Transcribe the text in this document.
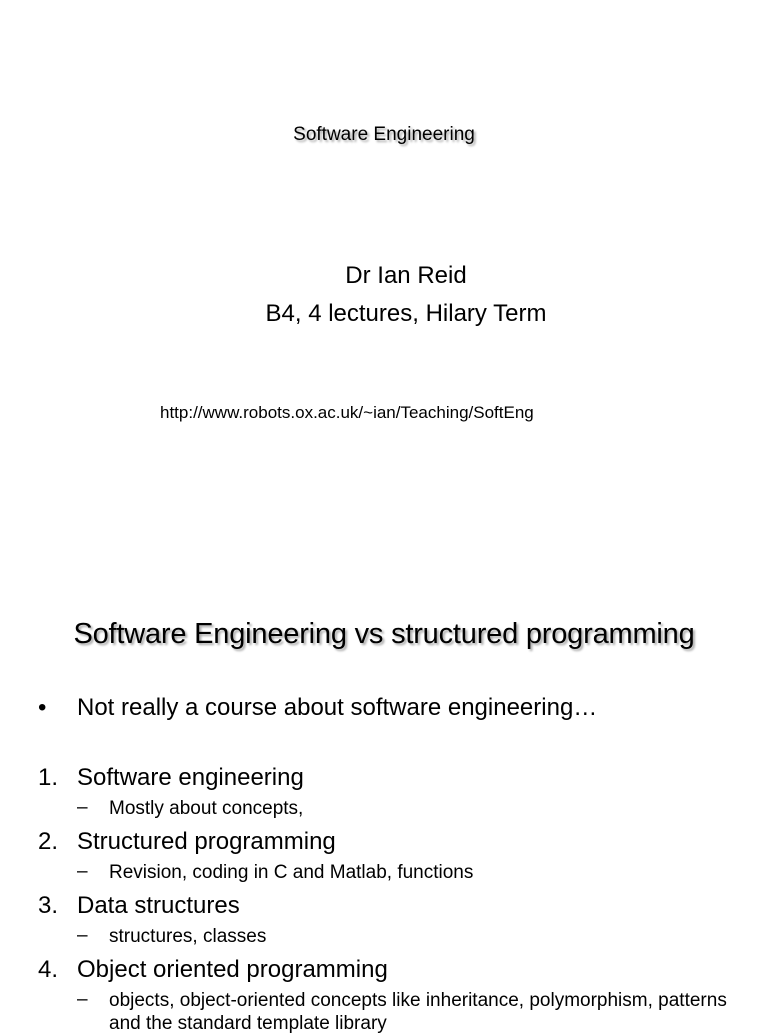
Software Engineering
Dr Ian Reid
B4, 4 lectures, Hilary Term
http://www.robots.ox.ac.uk/~ian/Teaching/SoftEng
Software Engineering vs structured programming
• Not really a course about software engineering…
1. Software engineering
– Mostly about concepts,
2. Structured programming
– Revision, coding in C and Matlab, functions
3. Data structures
– structures, classes
4. Object oriented programming
– objects, object-oriented concepts like inheritance, polymorphism, patterns and the standard template library
